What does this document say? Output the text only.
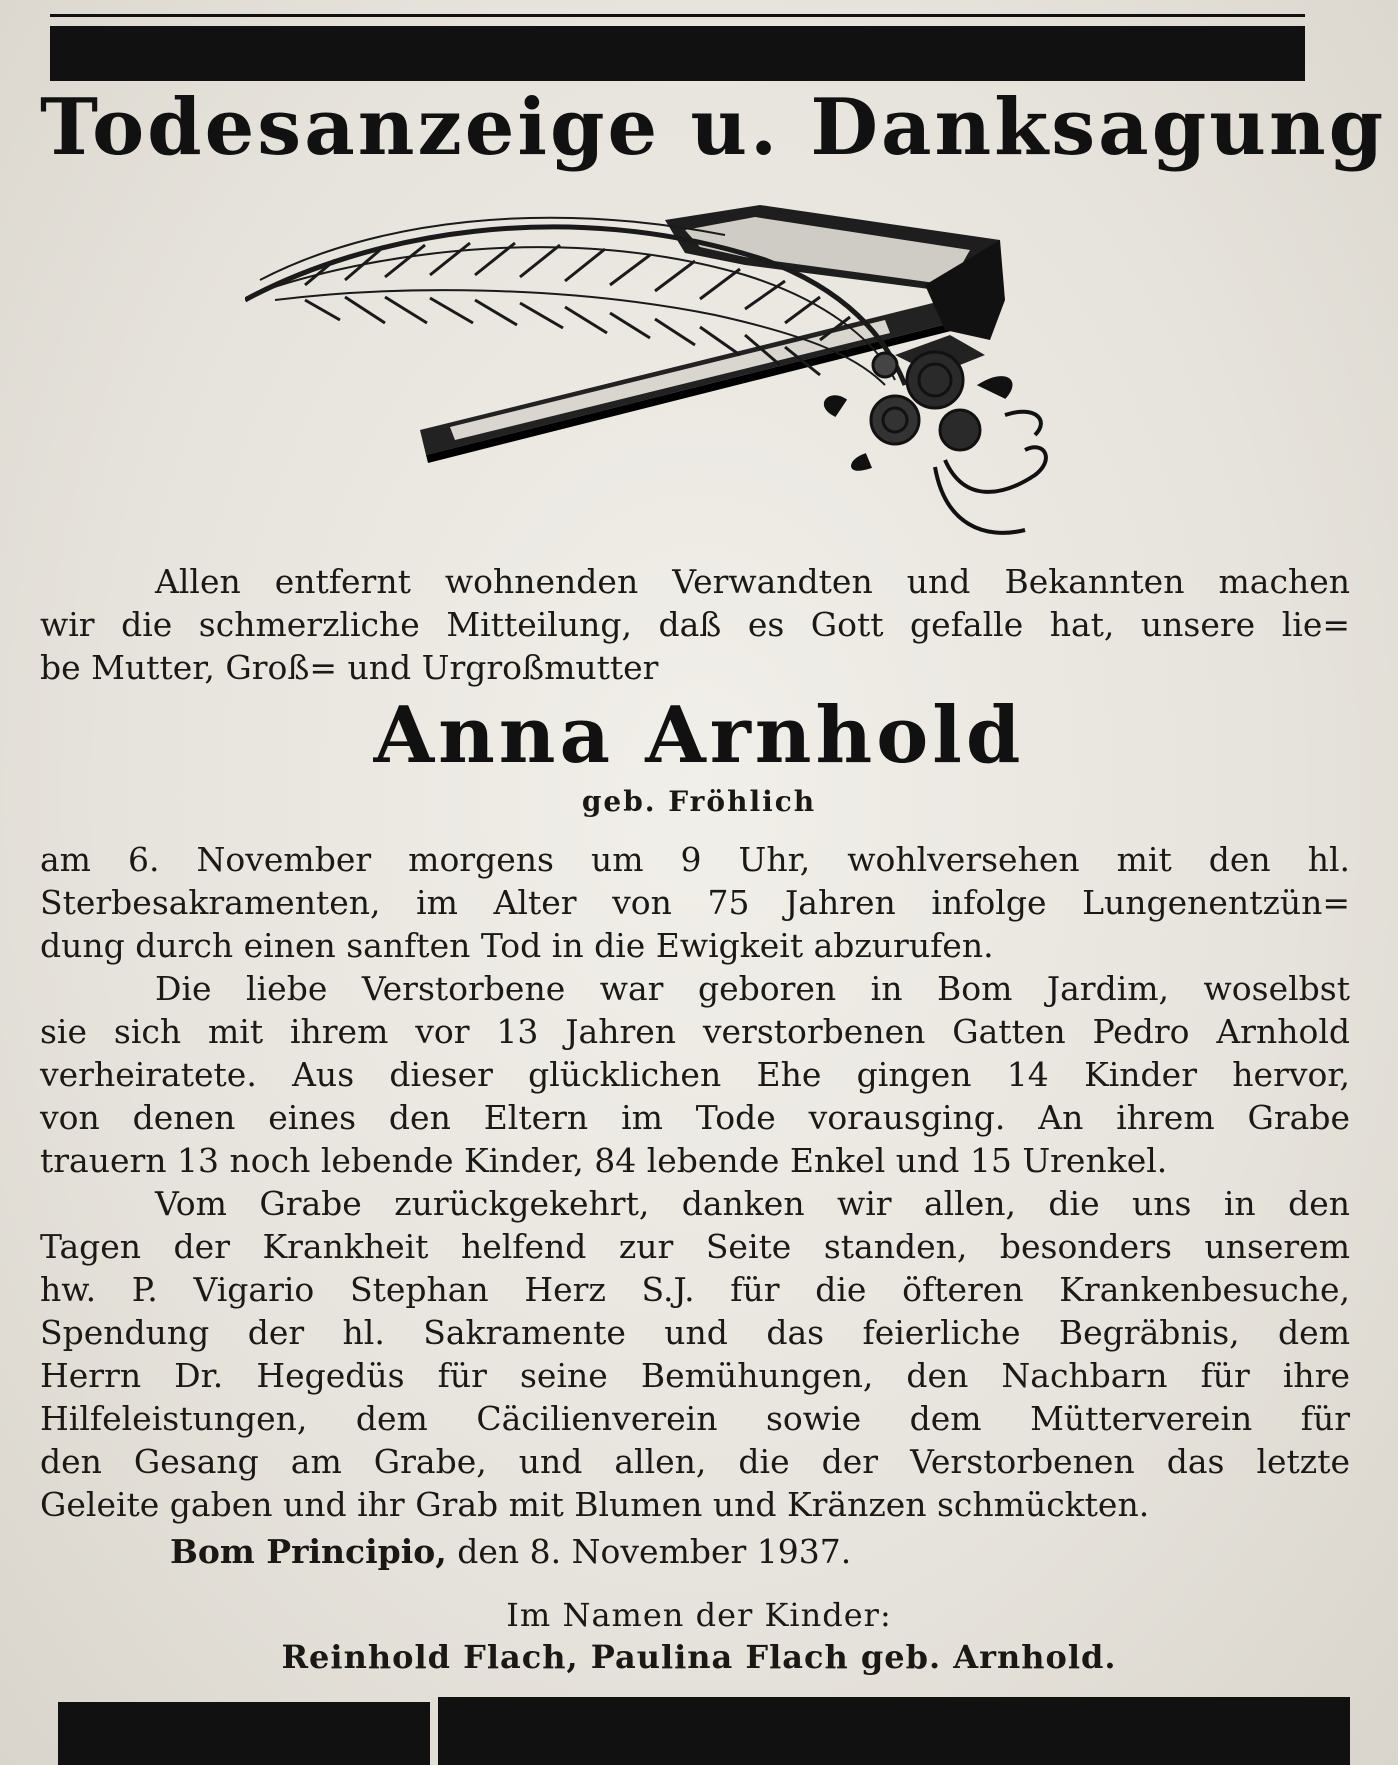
Todesanzeige u. Danksagung
Allen entfernt wohnenden Verwandten und Bekannten machen
wir die schmerzliche Mitteilung, daß es Gott gefalle hat, unsere lie=
be Mutter, Groß= und Urgroßmutter
Anna Arnhold
geb. Fröhlich
am 6. November morgens um 9 Uhr, wohlversehen mit den hl.
Sterbesakramenten, im Alter von 75 Jahren infolge Lungenentzün=
dung durch einen sanften Tod in die Ewigkeit abzurufen.
Die liebe Verstorbene war geboren in Bom Jardim, woselbst
sie sich mit ihrem vor 13 Jahren verstorbenen Gatten Pedro Arnhold
verheiratete. Aus dieser glücklichen Ehe gingen 14 Kinder hervor,
von denen eines den Eltern im Tode vorausging. An ihrem Grabe
trauern 13 noch lebende Kinder, 84 lebende Enkel und 15 Urenkel.
Vom Grabe zurückgekehrt, danken wir allen, die uns in den
Tagen der Krankheit helfend zur Seite standen, besonders unserem
hw. P. Vigario Stephan Herz S.J. für die öfteren Krankenbesuche,
Spendung der hl. Sakramente und das feierliche Begräbnis, dem
Herrn Dr. Hegedüs für seine Bemühungen, den Nachbarn für ihre
Hilfeleistungen, dem Cäcilienverein sowie dem Mütterverein für
den Gesang am Grabe, und allen, die der Verstorbenen das letzte
Geleite gaben und ihr Grab mit Blumen und Kränzen schmückten.
Bom Principio, den 8. November 1937.
Im Namen der Kinder:
Reinhold Flach, Paulina Flach geb. Arnhold.
